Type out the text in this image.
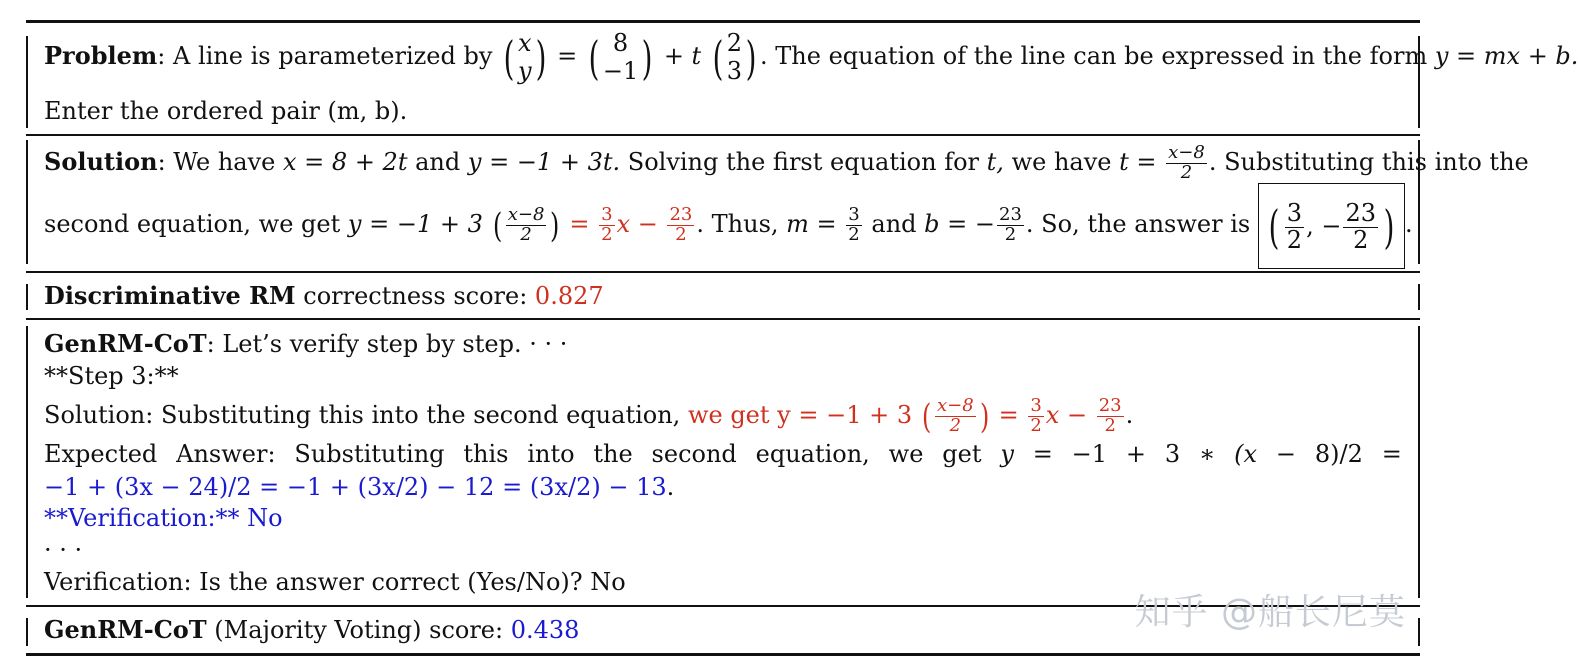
Problem: A line is parameterized by ( x
y) = ( 8
−1) + t ( 2
3) . The equation of the line can be expressed in the form y = mx + b.
Enter the ordered pair (m, b).
Solution: We have x = 8 + 2t and y = −1 + 3t. Solving the first equation for t, we have $t = \frac{x-8}{2}$ . Substituting this into the
second equation, we get y = −1 + 3 ( $\frac{x-8}{2}$ ) = $\frac{3}{2}$ $x - \frac{23}{2}$ . Thus, $m = \frac{3}{2}$ and b = − $\frac{23}{2}$ . So, the answer is ( $\frac{3}{2}$ , − $\frac{23}{2}$ ) .
Discriminative RM correctness score: 0.827
GenRM-CoT: Let’s verify step by step. · · ·
**Step 3:**
Solution: Substituting this into the second equation, we get y = −1 + 3 ( $\frac{x-8}{2}$ ) = $\frac{3}{2}$ $x - \frac{23}{2}$ .
Expected Answer: Substituting this into the second equation, we get y = −1 + 3 ∗ (x − 8)/2 =
−1 + (3x − 24)/2 = −1 + (3x/2) − 12 = (3x/2) − 13.
**Verification:** No
· · ·
Verification: Is the answer correct (Yes/No)? No
GenRM-CoT (Majority Voting) score: 0.438	知乎 @船长尼莫
